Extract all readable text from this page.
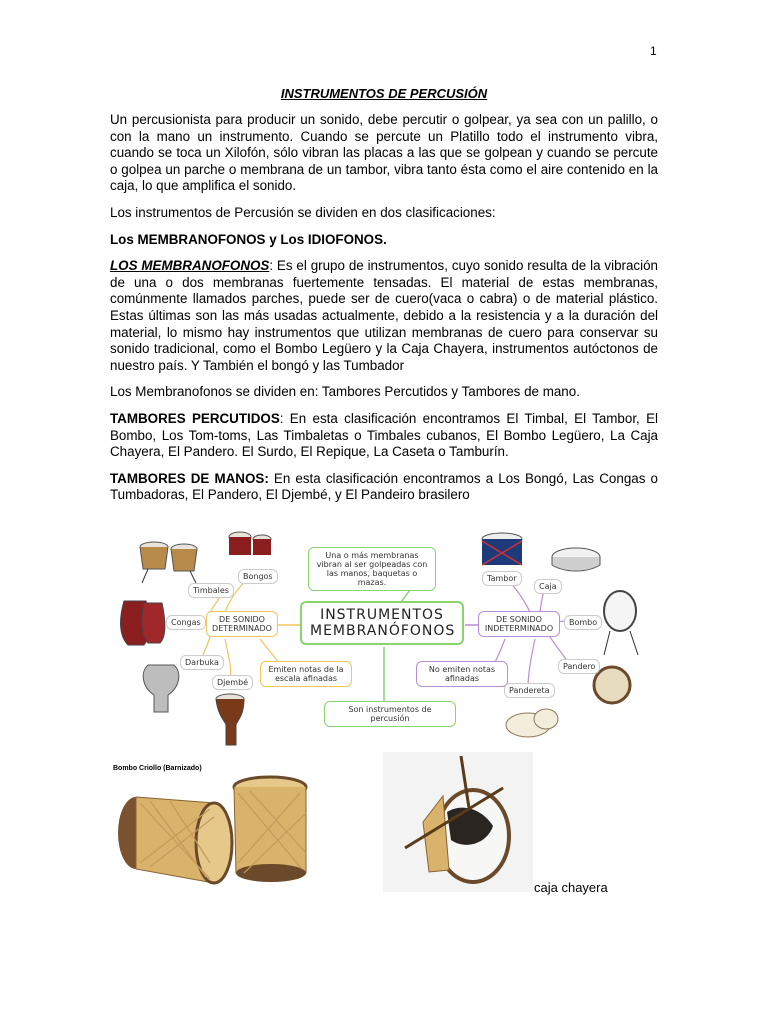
1
INSTRUMENTOS DE PERCUSIÓN

Un percusionista para producir un sonido, debe percutir o golpear, ya sea con un palillo, o con la mano un instrumento. Cuando se percute un Platillo todo el instrumento vibra, cuando se toca un Xilofón, sólo vibran las placas a las que se golpean y cuando se percute o golpea un parche o membrana de un tambor, vibra tanto ésta como el aire contenido en la caja, lo que amplifica el sonido.

Los instrumentos de Percusión se dividen en dos clasificaciones:

Los MEMBRANOFONOS y Los IDIOFONOS.

LOS MEMBRANOFONOS: Es el grupo de instrumentos, cuyo sonido resulta de la vibración de una o dos membranas fuertemente tensadas. El material de estas membranas, comúnmente llamados parches, puede ser de cuero(vaca o cabra) o de material plástico. Estas últimas son las más usadas actualmente, debido a la resistencia y a la duración del material, lo mismo hay instrumentos que utilizan membranas de cuero para conservar su sonido tradicional, como el Bombo Legüero y la Caja Chayera, instrumentos autóctonos de nuestro país. Y También el bongó y las Tumbador

Los Membranofonos se dividen en: Tambores Percutidos y Tambores de mano.

TAMBORES PERCUTIDOS: En esta clasificación encontramos El Timbal, El Tambor, El Bombo, Los Tom-toms, Las Timbaletas o Timbales cubanos, El Bombo Legüero, La Caja Chayera, El Pandero. El Surdo, El Repique, La Caseta o Tamburín.

TAMBORES DE MANOS: En esta clasificación encontramos a Los Bongó, Las Congas o Tumbadoras, El Pandero, El Djembé, y El Pandeiro brasilero

INSTRUMENTOS MEMBRANÓFONOS
Una o más membranas vibran al ser golpeadas con las manos, baquetas o mazas.
DE SONIDO DETERMINADO
DE SONIDO INDETERMINADO
Emiten notas de la escala afinadas
No emiten notas afinadas
Son instrumentos de percusión
Bongos
Timbales
Congas
Darbuka
Djembé
Tambor
Caja
Bombo
Pandero
Pandereta
Bombo Criollo (Barnizado)
caja chayera
